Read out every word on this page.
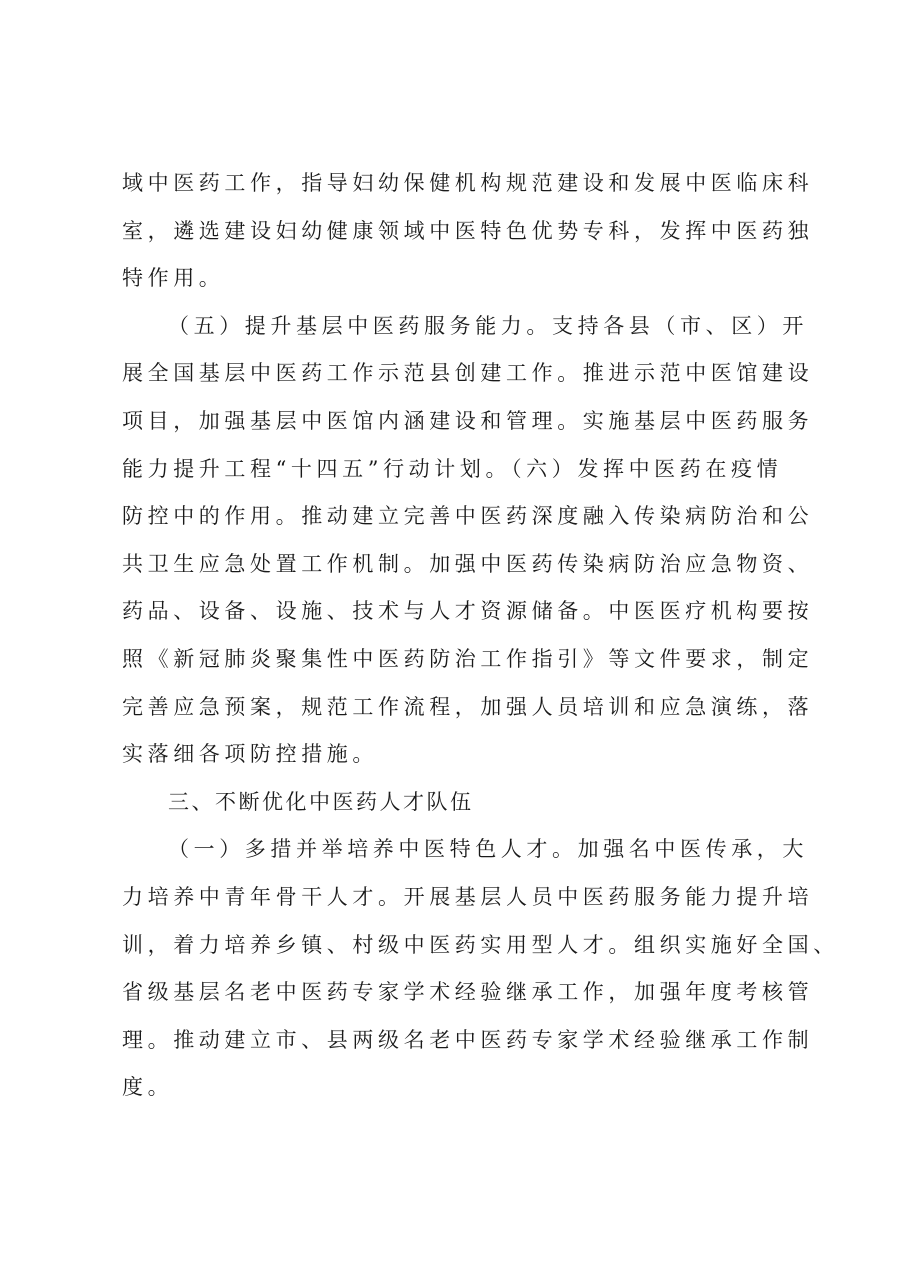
域中医药工作，指导妇幼保健机构规范建设和发展中医临床科
室，遴选建设妇幼健康领域中医特色优势专科，发挥中医药独
特作用。
（五）提升基层中医药服务能力。支持各县（市、区）开
展全国基层中医药工作示范县创建工作。推进示范中医馆建设
项目，加强基层中医馆内涵建设和管理。实施基层中医药服务
能力提升工程“十四五”行动计划。（六）发挥中医药在疫情
防控中的作用。推动建立完善中医药深度融入传染病防治和公
共卫生应急处置工作机制。加强中医药传染病防治应急物资、
药品、设备、设施、技术与人才资源储备。中医医疗机构要按
照《新冠肺炎聚集性中医药防治工作指引》等文件要求，制定
完善应急预案，规范工作流程，加强人员培训和应急演练，落
实落细各项防控措施。
三、不断优化中医药人才队伍
（一）多措并举培养中医特色人才。加强名中医传承，大
力培养中青年骨干人才。开展基层人员中医药服务能力提升培
训，着力培养乡镇、村级中医药实用型人才。组织实施好全国、
省级基层名老中医药专家学术经验继承工作，加强年度考核管
理。推动建立市、县两级名老中医药专家学术经验继承工作制
度。
